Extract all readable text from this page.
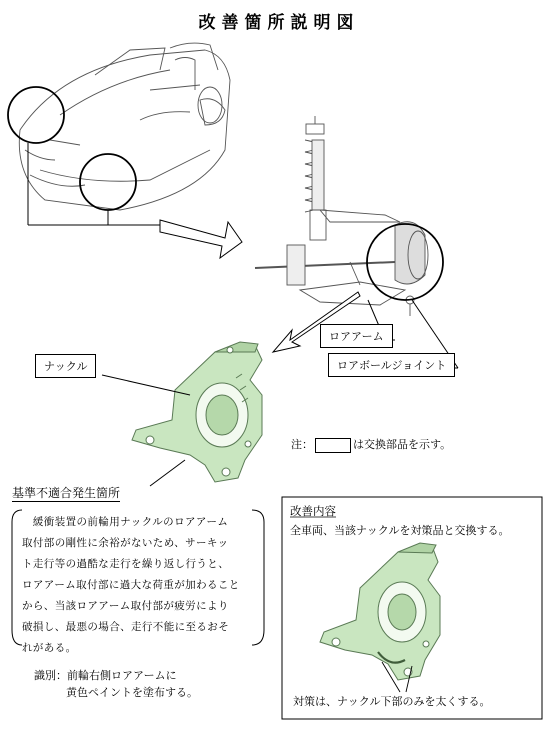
改善箇所説明図
ロアアーム
ロアボールジョイント
ナックル
基準不適合発生箇所
注：	は交換部品を示す。
　緩衝装置の前輪用ナックルのロアアーム
取付部の剛性に余裕がないため、サーキッ
ト走行等の過酷な走行を繰り返し行うと、
ロアアーム取付部に過大な荷重が加わること
から、当該ロアアーム取付部が疲労により
破損し、最悪の場合、走行不能に至るおそ
れがある。
識別：前輪右側ロアアームに
黄色ペイントを塗布する。
改善内容
全車両、当該ナックルを対策品と交換する。
対策は、ナックル下部のみを太くする。
